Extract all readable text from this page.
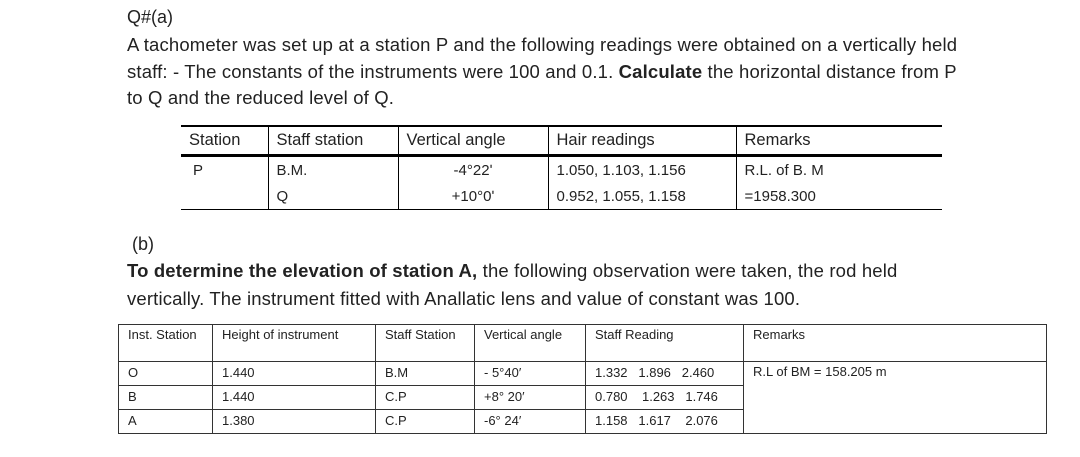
Q#(a)
A tachometer was set up at a station P and the following readings were obtained on a vertically held staff: - The constants of the instruments were 100 and 0.1. Calculate the horizontal distance from P to Q and the reduced level of Q.
Station	Staff station	Vertical angle	Hair readings	Remarks
P	B.M.	-4°22ʹ	1.050, 1.103, 1.156	R.L. of B. M
	Q	+10°0ʹ	0.952, 1.055, 1.158	=1958.300
(b)
To determine the elevation of station A, the following observation were taken, the rod held vertically. The instrument fitted with Anallatic lens and value of constant was 100.
Inst. Station	Height of instrument	Staff Station	Vertical angle	Staff Reading	Remarks
O	1.440	B.M	- 5°40′	1.332   1.896   2.460	R.L of BM = 158.205 m
B	1.440	C.P	+8° 20′	0.780    1.263   1.746	
A	1.380	C.P	-6° 24′	1.158   1.617    2.076	
